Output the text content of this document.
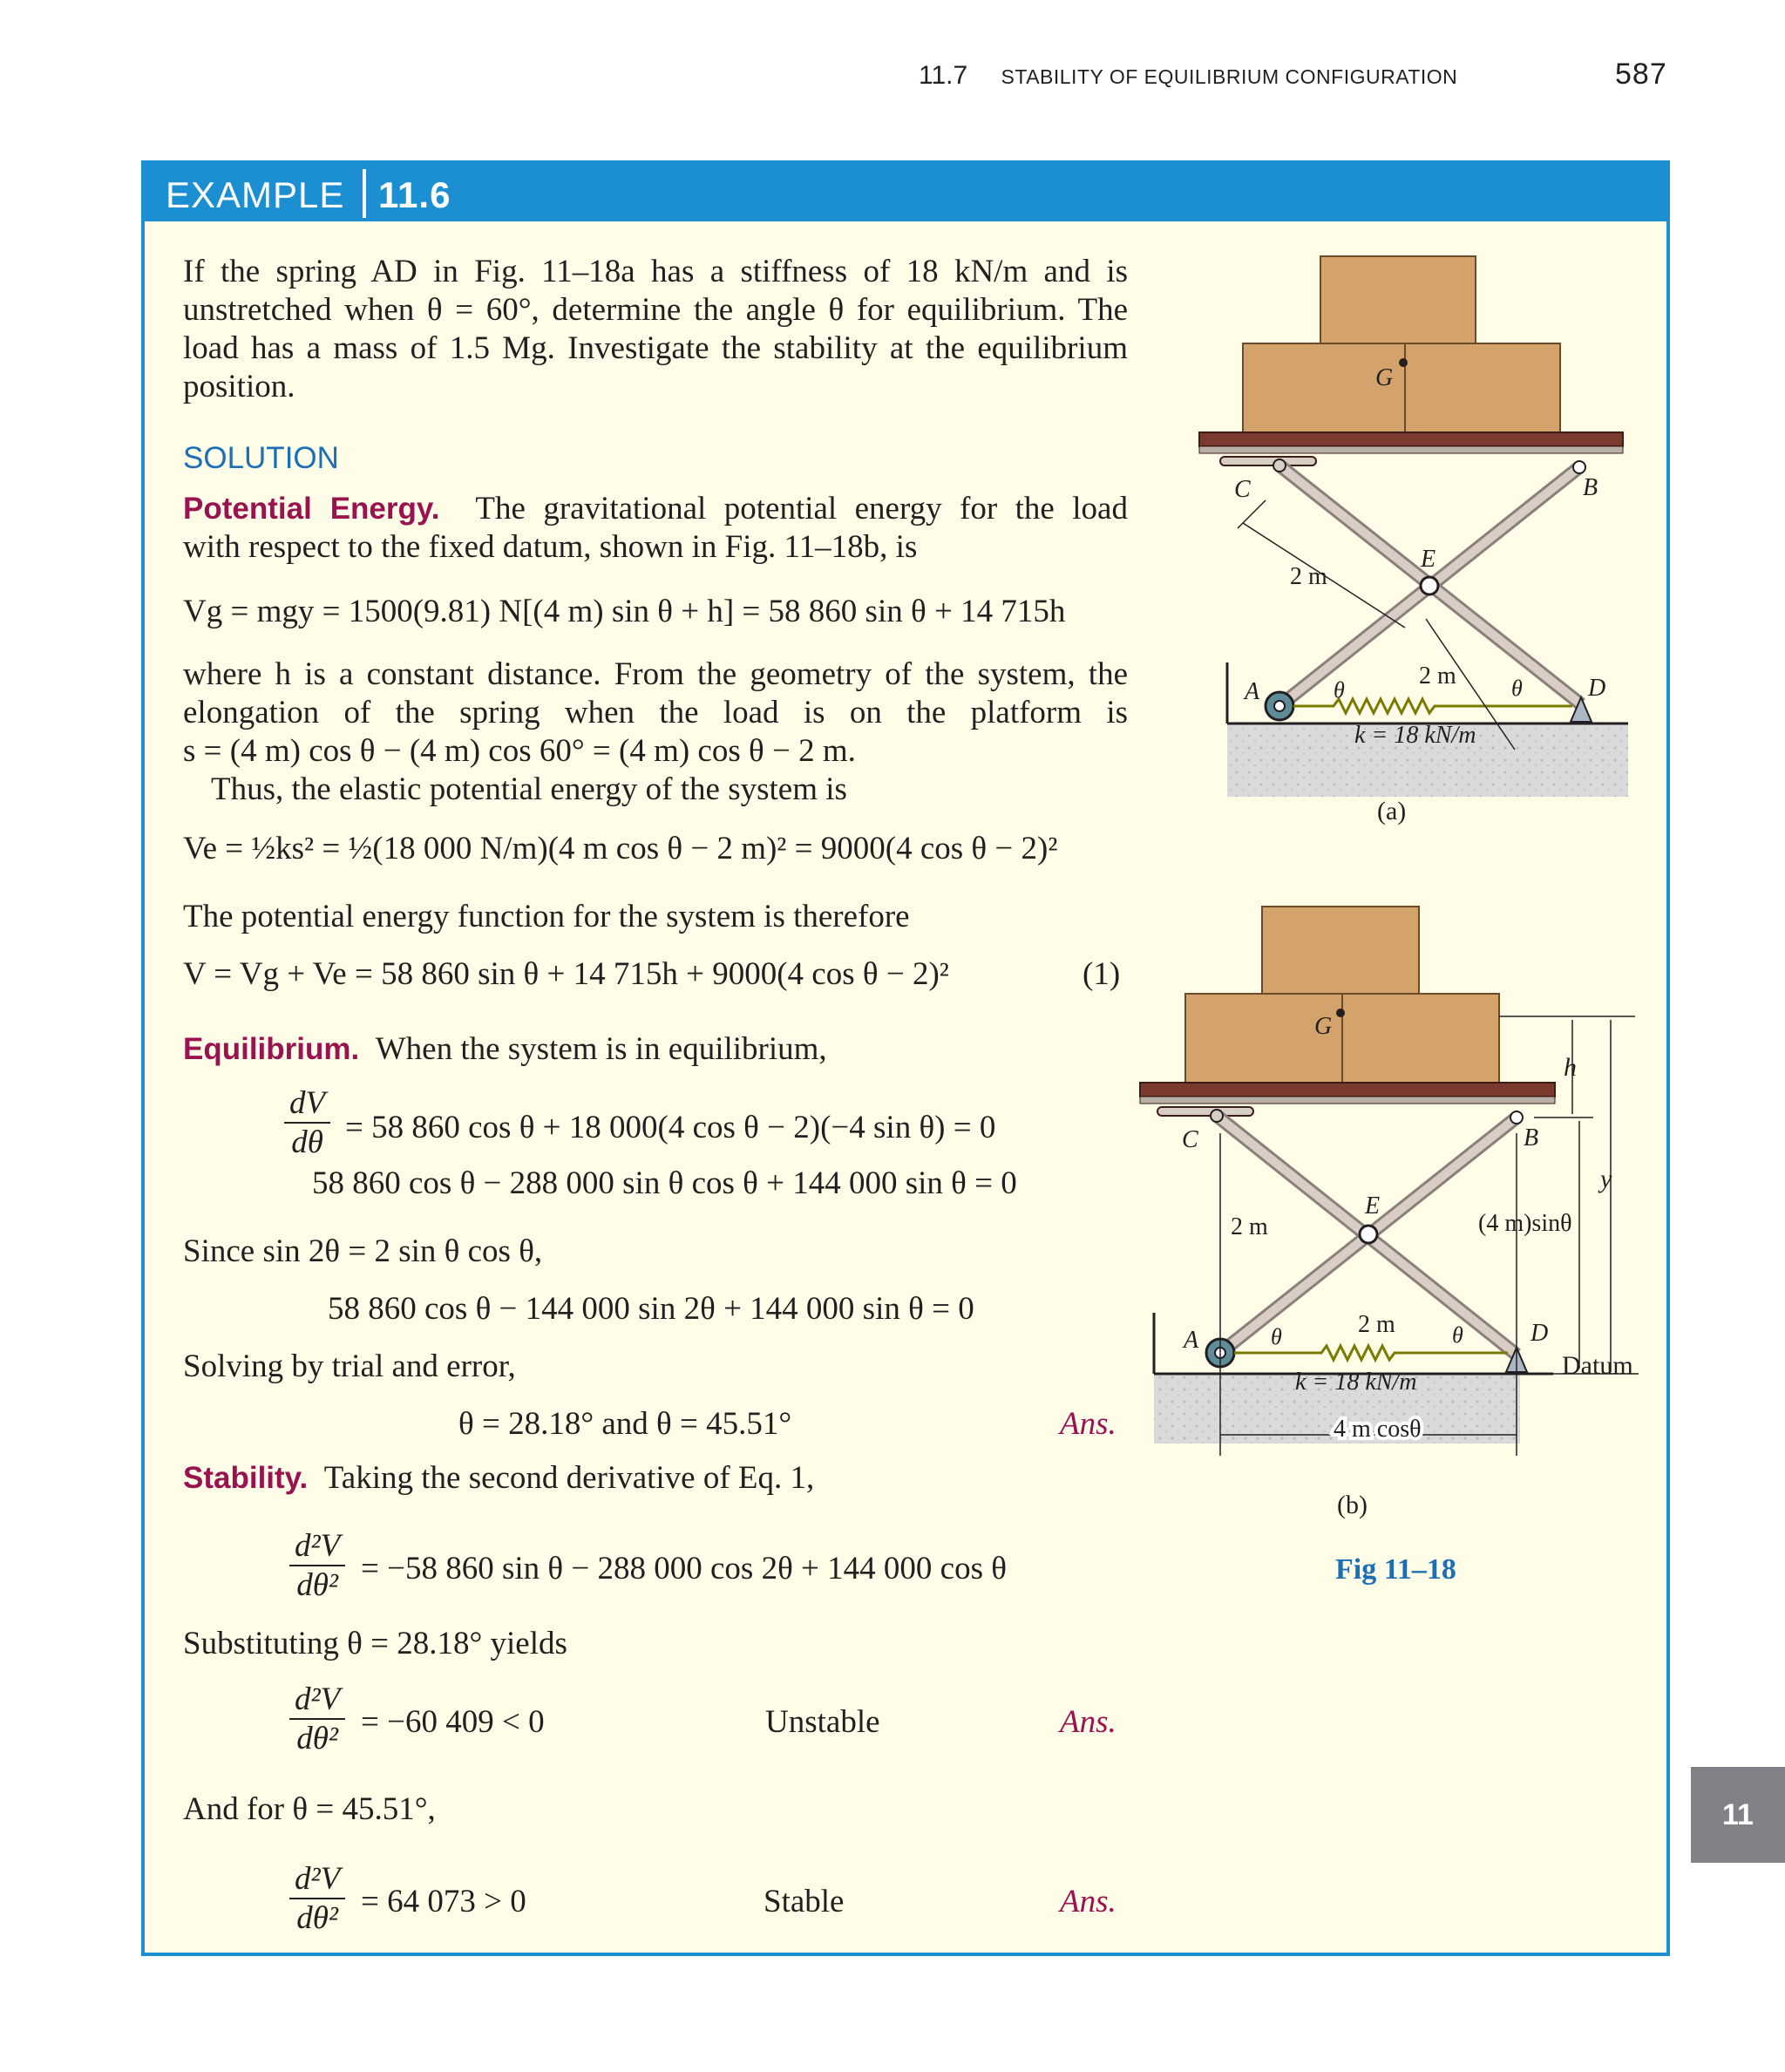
11.7 STABILITY OF EQUILIBRIUM CONFIGURATION	587
11
EXAMPLE 11.6
If the spring AD in Fig. 11–18a has a stiffness of 18 kN/m and is
unstretched when θ = 60°, determine the angle θ for equilibrium. The
load has a mass of 1.5 Mg. Investigate the stability at the equilibrium
position.
SOLUTION
Potential Energy. The gravitational potential energy for the load
with respect to the fixed datum, shown in Fig. 11–18b, is
Vg = mgy = 1500(9.81) N[(4 m) sin θ + h] = 58 860 sin θ + 14 715h
where h is a constant distance. From the geometry of the system, the
elongation of the spring when the load is on the platform is
s = (4 m) cos θ − (4 m) cos 60° = (4 m) cos θ − 2 m.
Thus, the elastic potential energy of the system is
Ve = ½ks² = ½(18 000 N/m)(4 m cos θ − 2 m)² = 9000(4 cos θ − 2)²
The potential energy function for the system is therefore
V = Vg + Ve = 58 860 sin θ + 14 715h + 9000(4 cos θ − 2)²	(1)
Equilibrium. When the system is in equilibrium,
$\frac{dV}{d\theta} = 58$ 860 cos θ + 18 000(4 cos θ − 2)(−4 sin θ) = 0
58 860 cos θ − 288 000 sin θ cos θ + 144 000 sin θ = 0
Since sin 2θ = 2 sin θ cos θ,
58 860 cos θ − 144 000 sin 2θ + 144 000 sin θ = 0
Solving by trial and error,
θ = 28.18° and θ = 45.51°	Ans.
Stability. Taking the second derivative of Eq. 1,
$\frac{\text{d²V}}{\text{dθ²}} = -58$ 860 sin θ − 288 000 cos 2θ + 144 000 cos θ
Substituting θ = 28.18° yields
$\frac{\text{d²V}}{\text{dθ²}} = -60$ 409 < 0	Unstable	Ans.
And for θ = 45.51°,
$\frac{\text{d²V}}{\text{dθ²}} = 64$ 073 > 0	Stable	Ans.
G
C	B
E
A	D
θ	θ
2 m
2 m
k = 18 kN/m
(a)
G
C	B
E
A	D
θ	θ
h
y
2 m
2 m
(4 m)sinθ
Datum
k = 18 kN/m
4 m cosθ
(b)
Fig 11–18
